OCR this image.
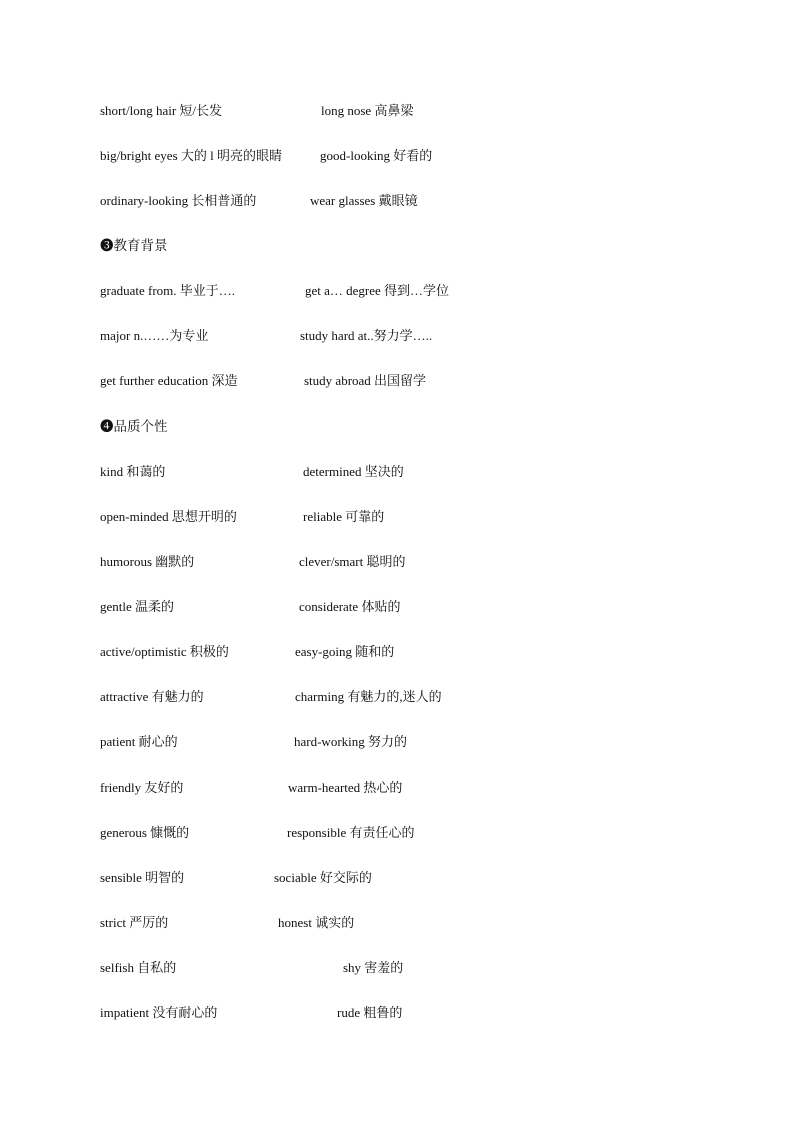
short/long hair 短/长发	long nose 高鼻梁
big/bright eyes 大的 l 明亮的眼睛	good-looking 好看的
ordinary-looking 长相普通的	wear glasses 戴眼镜
❸教育背景
graduate from. 毕业于….	get a… degree 得到…学位
major n.……为专业	study hard at..努力学…..
get further education 深造	study abroad 出国留学
❹品质个性
kind 和蔼的	determined 坚决的
open-minded 思想开明的	reliable 可靠的
humorous 幽默的	clever/smart 聪明的
gentle 温柔的	considerate 体贴的
active/optimistic 积极的	easy-going 随和的
attractive 有魅力的	charming 有魅力的,迷人的
patient 耐心的	hard-working 努力的
friendly 友好的	warm-hearted 热心的
generous 慷慨的	responsible 有责任心的
sensible 明智的	sociable 好交际的
strict 严厉的	honest 诚实的
selfish 自私的	shy 害羞的
impatient 没有耐心的	rude 粗鲁的
